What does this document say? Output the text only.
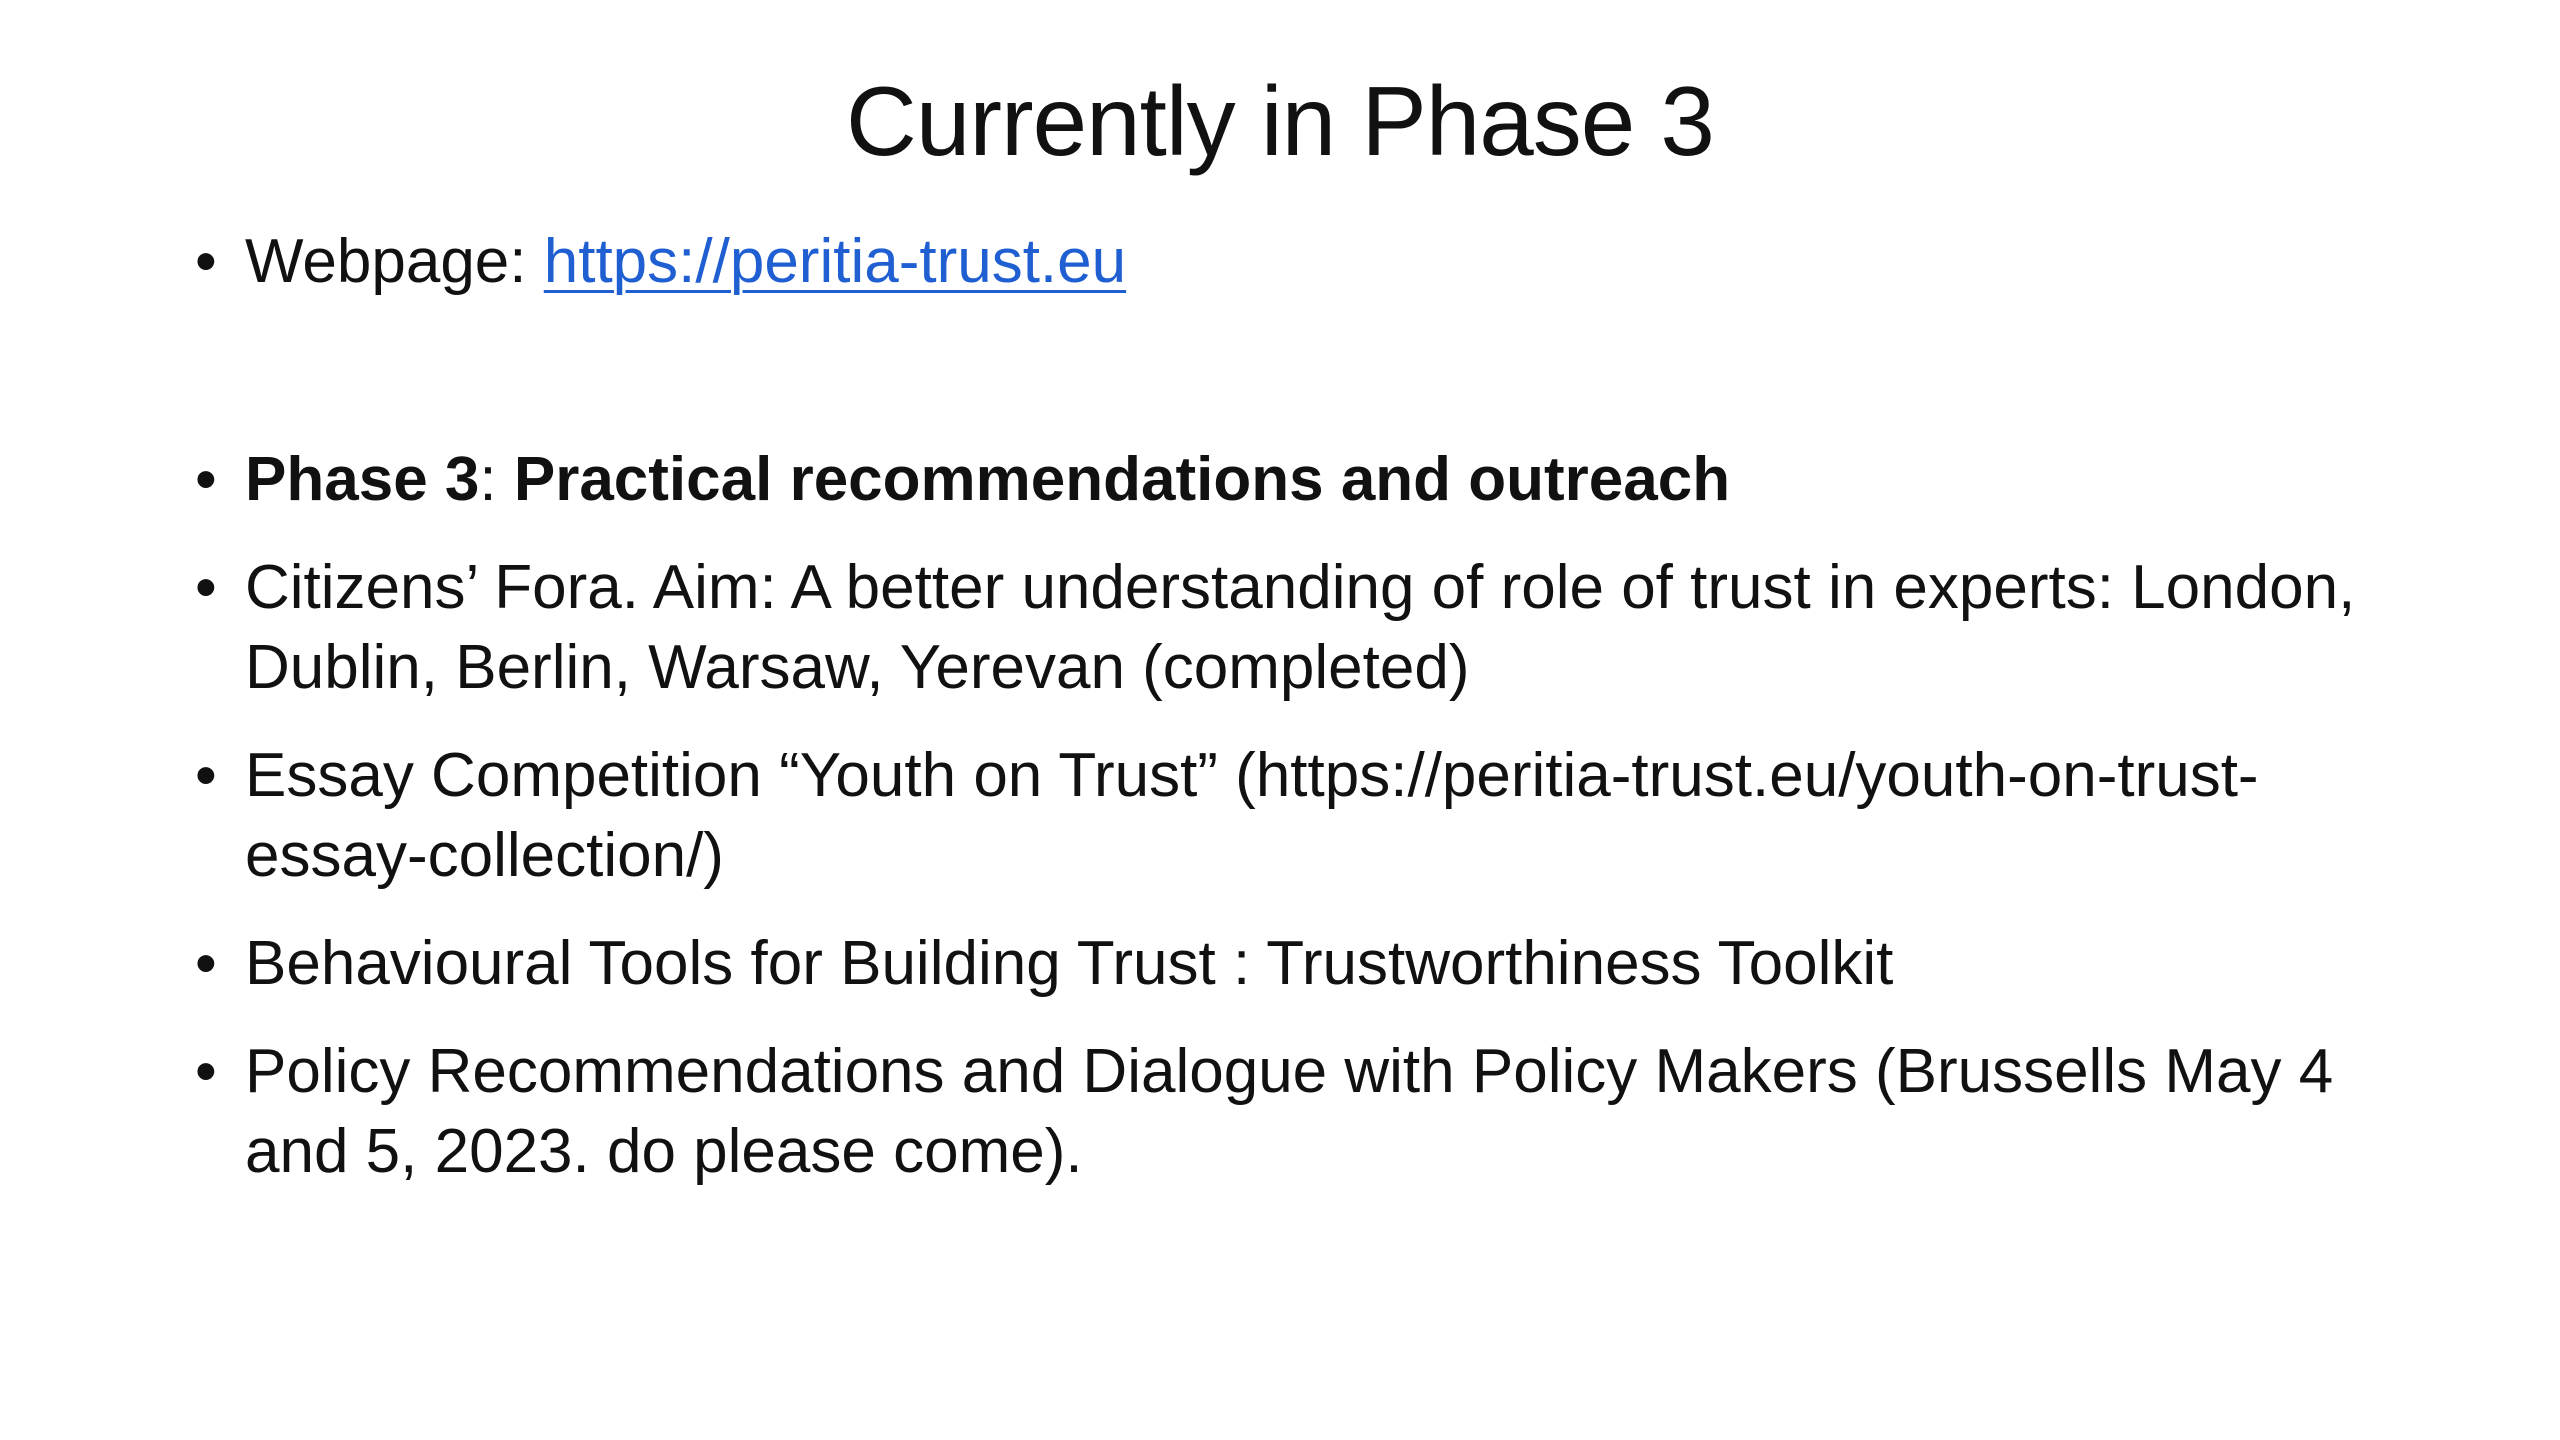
Currently in Phase 3
• Webpage: https://peritia-trust.eu
• Phase 3: Practical recommendations and outreach
• Citizens’ Fora. Aim: A better understanding of role of trust in experts: London, Dublin, Berlin, Warsaw, Yerevan (completed)
• Essay Competition “Youth on Trust” (https://peritia-trust.eu/youth-on-trust-essay-collection/)
• Behavioural Tools for Building Trust : Trustworthiness Toolkit
• Policy Recommendations and Dialogue with Policy Makers (Brussells May 4 and 5, 2023. do please come).
